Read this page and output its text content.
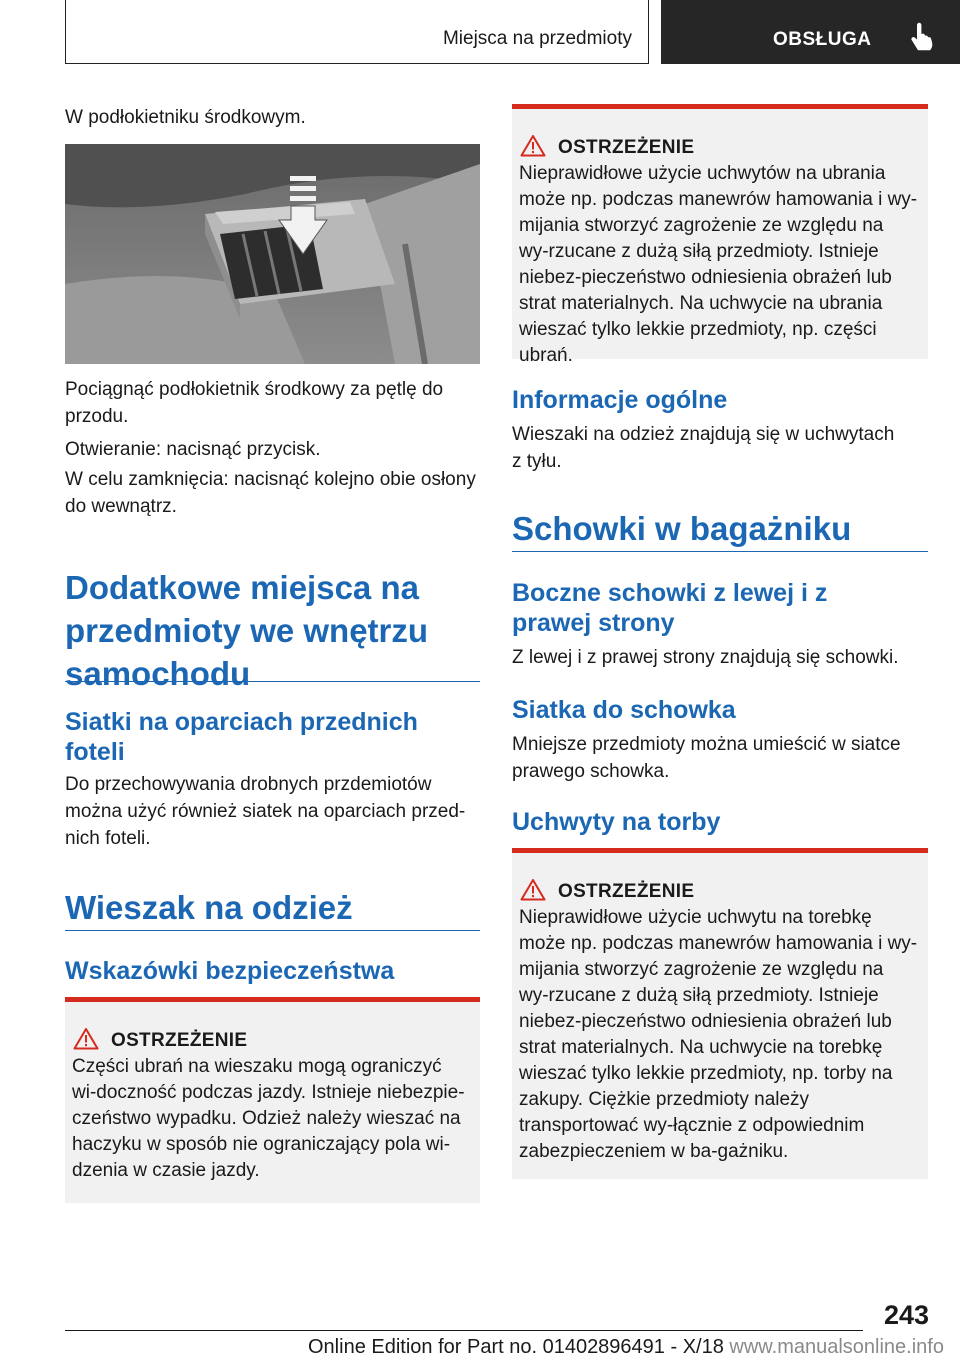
Miejsca na przedmioty	OBSŁUGA

W podłokietniku środkowym.

Pociągnąć podłokietnik środkowy za pętlę do przodu.

Otwieranie: nacisnąć przycisk.

W celu zamknięcia: nacisnąć kolejno obie osłony do wewnątrz.

Dodatkowe miejsca na przedmioty we wnętrzu samochodu
Siatki na oparciach przednich foteli

Do przechowywania drobnych przdemiotów można użyć również siatek na oparciach przed-nich foteli.

Wieszak na odzież
Wskazówki bezpieczeństwa
OSTRZEŻENIE
Części ubrań na wieszaku mogą ograniczyć wi-doczność podczas jazdy. Istnieje niebezpie-czeństwo wypadku. Odzież należy wieszać na haczyku w sposób nie ograniczający pola wi-dzenia w czasie jazdy.
OSTRZEŻENIE
Nieprawidłowe użycie uchwytów na ubrania może np. podczas manewrów hamowania i wy-mijania stworzyć zagrożenie ze względu na wy-rzucane z dużą siłą przedmioty. Istnieje niebez-pieczeństwo odniesienia obrażeń lub strat materialnych. Na uchwycie na ubrania wieszać tylko lekkie przedmioty, np. części ubrań.
Informacje ogólne

Wieszaki na odzież znajdują się w uchwytach z tyłu.

Schowki w bagażniku
Boczne schowki z lewej i z prawej strony

Z lewej i z prawej strony znajdują się schowki.

Siatka do schowka

Mniejsze przedmioty można umieścić w siatce prawego schowka.

Uchwyty na torby
OSTRZEŻENIE
Nieprawidłowe użycie uchwytu na torebkę może np. podczas manewrów hamowania i wy-mijania stworzyć zagrożenie ze względu na wy-rzucane z dużą siłą przedmioty. Istnieje niebez-pieczeństwo odniesienia obrażeń lub strat materialnych. Na uchwycie na torebkę wieszać tylko lekkie przedmioty, np. torby na zakupy. Ciężkie przedmioty należy transportować wy-łącznie z odpowiednim zabezpieczeniem w ba-gażniku.
243
Online Edition for Part no. 01402896491 - X/18 www.manualsonline.info
